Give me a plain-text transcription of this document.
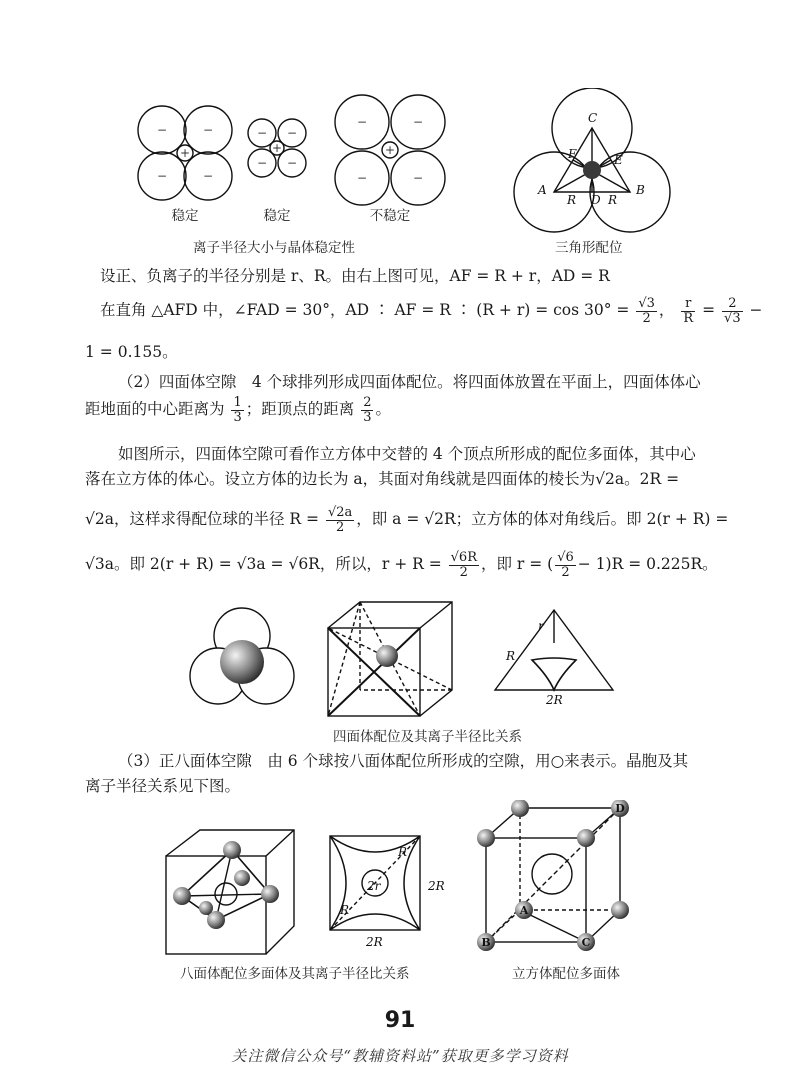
−	−
−	−
+
− −
− −
+
−	−
−	−
+
稳定	稳定	不稳定
离子半径大小与晶体稳定性
A	B
C
D
E
F
R	R
三角形配位
设正、负离子的半径分别是 r、R。由右上图可见，AF = R + r，AD = R
在直角 △AFD 中，∠FAD = 30°，AD ∶ AF = R ∶ $(R + r) = \cos 30^\circ = \frac{√3}{2}$ ， $\frac{r}{R} = \frac{2}{√3}$ −
1 = 0.155。
（2）四面体空隙　4 个球排列形成四面体配位。将四面体放置在平面上，四面体体心
距地面的中心距离为 $\frac{1}{3}$ ；距顶点的距离 $\frac{2}{3}$ 。
如图所示，四面体空隙可看作立方体中交替的 4 个顶点所形成的配位多面体，其中心
落在立方体的体心。设立方体的边长为 a，其面对角线就是四面体的棱长为√2a。2R =
√2a，这样求得配位球的半径 $R = \frac{√2a}{2}$ ，即 a = √2R；立方体的体对角线后。即 2(r + R) =
√3a。即 2(r + R) = √3a = √6R，所以，$r + R = \frac{√6R}{2}$ ，即 r = ( $\frac{√6}{2} - 1)R = 0.225R$。
r
R
2R
四面体配位及其离子半径比关系
（3）正八面体空隙　由 6 个球按八面体配位所形成的空隙，用○来表示。晶胞及其
离子半径关系见下图。
R
2r
R
2R
2R
八面体配位多面体及其离子半径比关系
A
B	C
D
立方体配位多面体
91
关注微信公众号“教辅资料站”获取更多学习资料
